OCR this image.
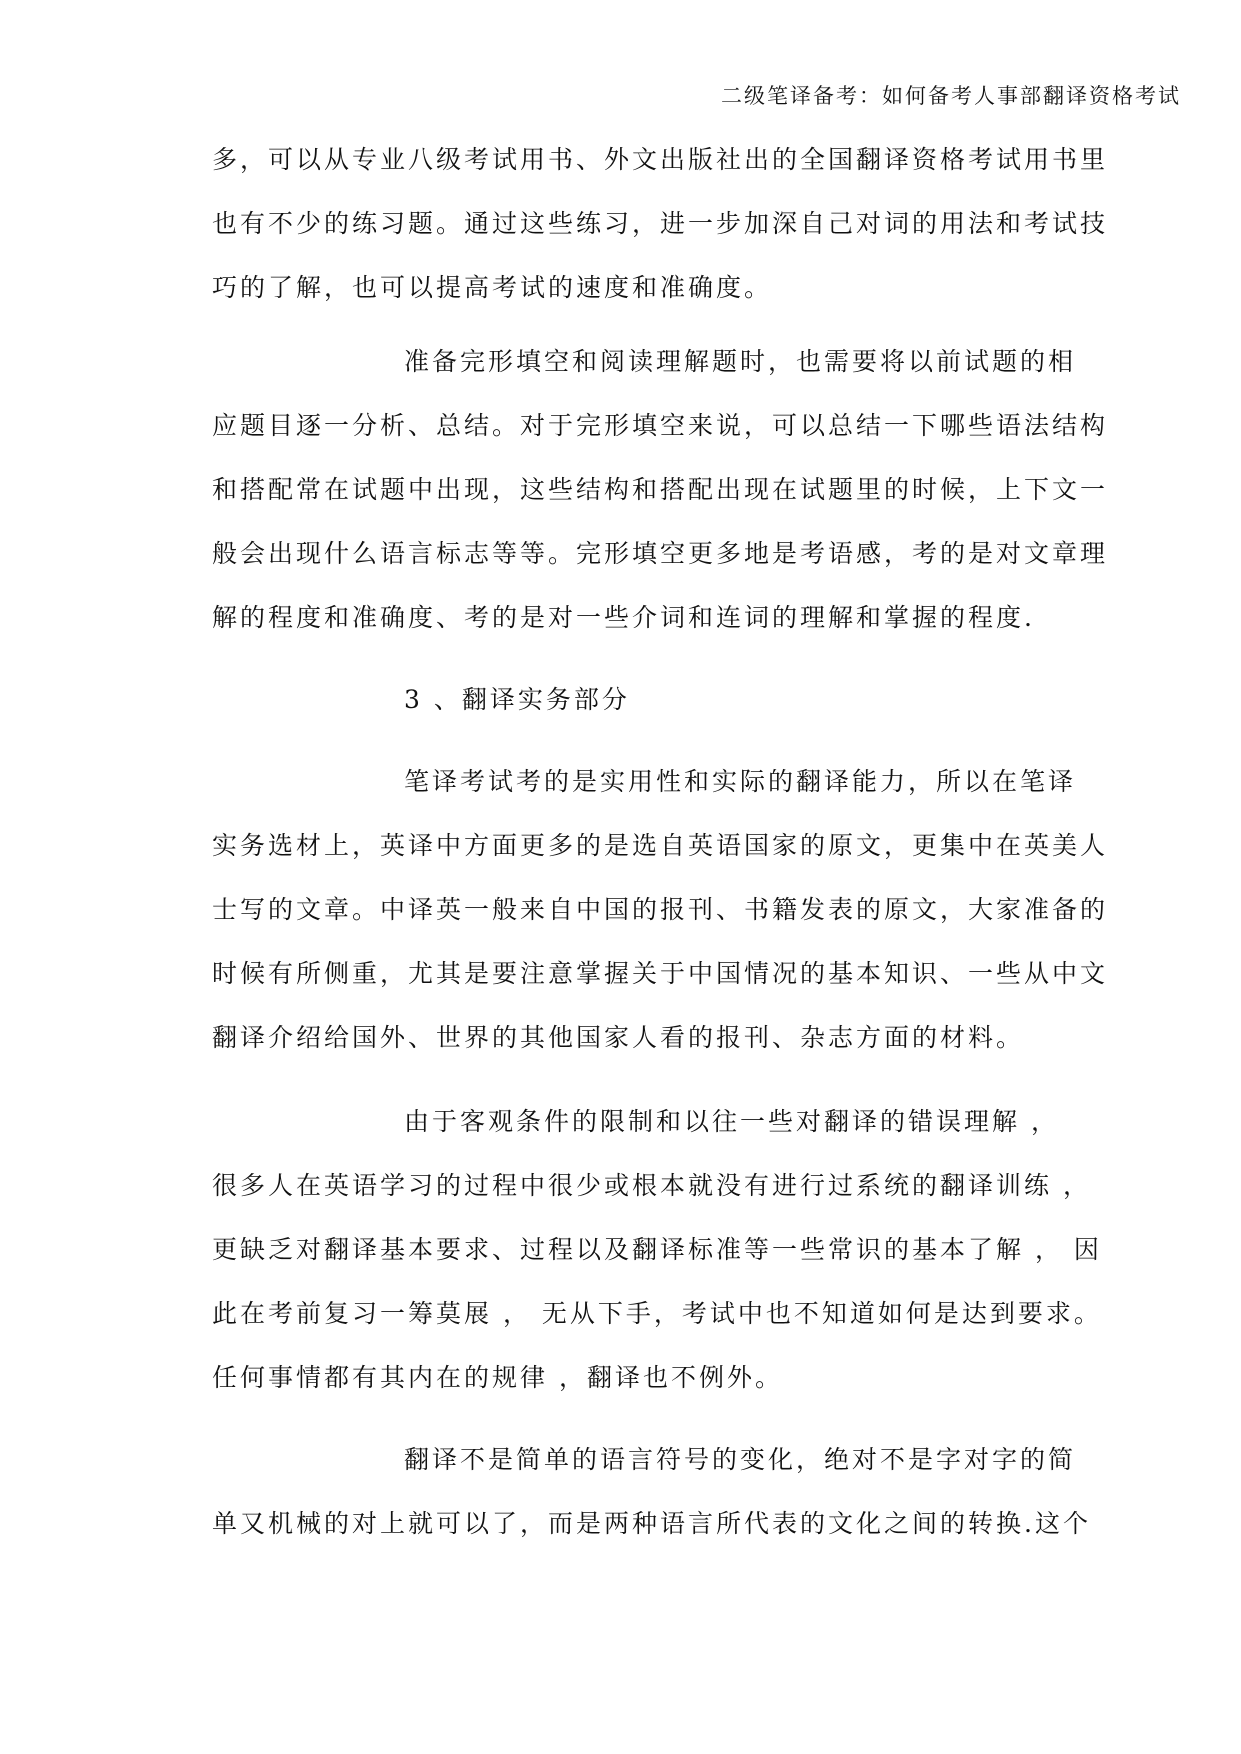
二级笔译备考：如何备考人事部翻译资格考试
多，可以从专业八级考试用书、外文出版社出的全国翻译资格考试用书里
也有不少的练习题。通过这些练习，进一步加深自己对词的用法和考试技
巧的了解，也可以提高考试的速度和准确度。
准备完形填空和阅读理解题时，也需要将以前试题的相
应题目逐一分析、总结。对于完形填空来说，可以总结一下哪些语法结构
和搭配常在试题中出现，这些结构和搭配出现在试题里的时候，上下文一
般会出现什么语言标志等等。完形填空更多地是考语感，考的是对文章理
解的程度和准确度、考的是对一些介词和连词的理解和掌握的程度.
3 、翻译实务部分
笔译考试考的是实用性和实际的翻译能力，所以在笔译
实务选材上，英译中方面更多的是选自英语国家的原文，更集中在英美人
士写的文章。中译英一般来自中国的报刊、书籍发表的原文，大家准备的
时候有所侧重，尤其是要注意掌握关于中国情况的基本知识、一些从中文
翻译介绍给国外、世界的其他国家人看的报刊、杂志方面的材料。
由于客观条件的限制和以往一些对翻译的错误理解 ，
很多人在英语学习的过程中很少或根本就没有进行过系统的翻译训练 ，
更缺乏对翻译基本要求、过程以及翻译标准等一些常识的基本了解 ， 因
此在考前复习一筹莫展 ， 无从下手，考试中也不知道如何是达到要求。
任何事情都有其内在的规律 ，翻译也不例外。
翻译不是简单的语言符号的变化，绝对不是字对字的简
单又机械的对上就可以了，而是两种语言所代表的文化之间的转换.这个
